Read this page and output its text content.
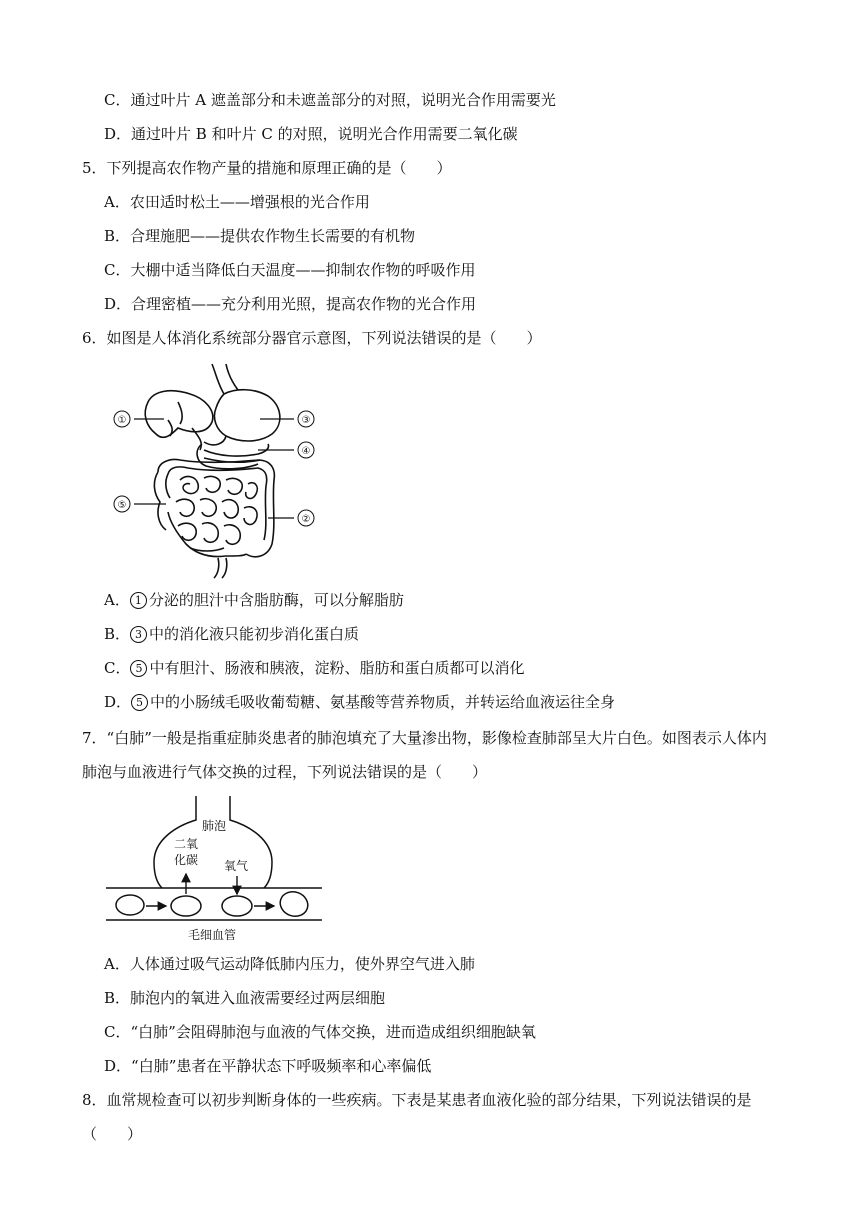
C．通过叶片 A 遮盖部分和未遮盖部分的对照，说明光合作用需要光
D．通过叶片 B 和叶片 C 的对照，说明光合作用需要二氧化碳
5．下列提高农作物产量的措施和原理正确的是（　　）
A．农田适时松土——增强根的光合作用
B．合理施肥——提供农作物生长需要的有机物
C．大棚中适当降低白天温度——抑制农作物的呼吸作用
D．合理密植——充分利用光照，提高农作物的光合作用
6．如图是人体消化系统部分器官示意图，下列说法错误的是（　　）
①
②
③
④
⑤
A． 1 分泌的胆汁中含脂肪酶，可以分解脂肪
B． 3 中的消化液只能初步消化蛋白质
C． 5 中有胆汁、肠液和胰液，淀粉、脂肪和蛋白质都可以消化
D． 5 中的小肠绒毛吸收葡萄糖、氨基酸等营养物质，并转运给血液运往全身
7．“白肺”一般是指重症肺炎患者的肺泡填充了大量渗出物，影像检查肺部呈大片白色。如图表示人体内
肺泡与血液进行气体交换的过程，下列说法错误的是（　　）
肺泡
二氧
化碳 氧气
毛细血管
A．人体通过吸气运动降低肺内压力，使外界空气进入肺
B．肺泡内的氧进入血液需要经过两层细胞
C．“白肺”会阻碍肺泡与血液的气体交换，进而造成组织细胞缺氧
D．“白肺”患者在平静状态下呼吸频率和心率偏低
8．血常规检查可以初步判断身体的一些疾病。下表是某患者血液化验的部分结果，下列说法错误的是
（　　）
